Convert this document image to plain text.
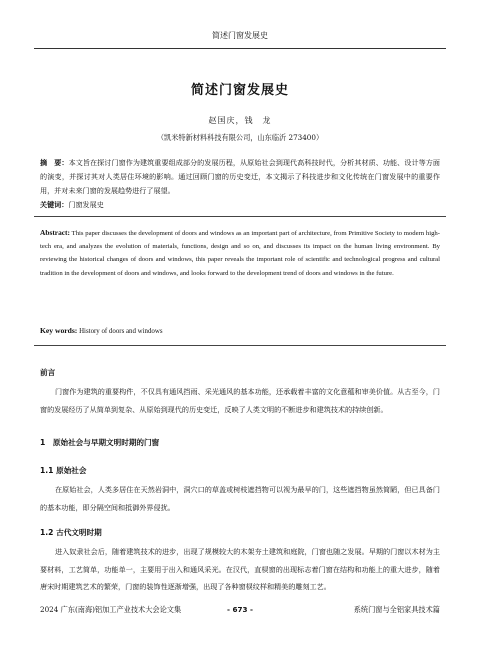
简述门窗发展史
简述门窗发展史
赵国庆，钱　龙
（凯米特新材料科技有限公司，山东临沂 273400）
摘　要：本文旨在探讨门窗作为建筑重要组成部分的发展历程，从原始社会到现代高科技时代，分析其材质、功能、设计等方面的演变，并探讨其对人类居住环境的影响。通过回顾门窗的历史变迁，本文揭示了科技进步和文化传统在门窗发展中的重要作用，并对未来门窗的发展趋势进行了展望。
关键词：门窗发展史
Abstract: This paper discusses the development of doors and windows as an important part of architecture, from Primitive Society to modern high-tech era, and analyzes the evolution of materials, functions, design and so on, and discusses its impact on the human living environment. By reviewing the historical changes of doors and windows, this paper reveals the important role of scientific and technological progress and cultural tradition in the development of doors and windows, and looks forward to the development trend of doors and windows in the future.
Key words: History of doors and windows
前言
门窗作为建筑的重要构件，不仅具有通风挡雨、采光通风的基本功能，还承载着丰富的文化意蕴和审美价值。从古至今，门窗的发展经历了从简单到复杂、从原始到现代的历史变迁，反映了人类文明的不断进步和建筑技术的持续创新。
1　原始社会与早期文明时期的门窗
1.1 原始社会
在原始社会，人类多居住在天然岩洞中，洞穴口的草盖或树枝遮挡物可以视为最早的门，这些遮挡物虽然简陋，但已具备门的基本功能，即分隔空间和抵御外界侵扰。
1.2 古代文明时期
进入奴隶社会后，随着建筑技术的进步，出现了规模较大的木架夯土建筑和庭院，门窗也随之发展。早期的门窗以木材为主要材料，工艺简单，功能单一，主要用于出入和通风采光。在汉代，直棂窗的出现标志着门窗在结构和功能上的重大进步，随着唐宋时期建筑艺术的繁荣，门窗的装饰性逐渐增强，出现了各种窗棂纹样和精美的雕刻工艺。
2024 广东(南海)铝加工产业技术大会论文集	- 673 -	系统门窗与全铝家具技术篇
